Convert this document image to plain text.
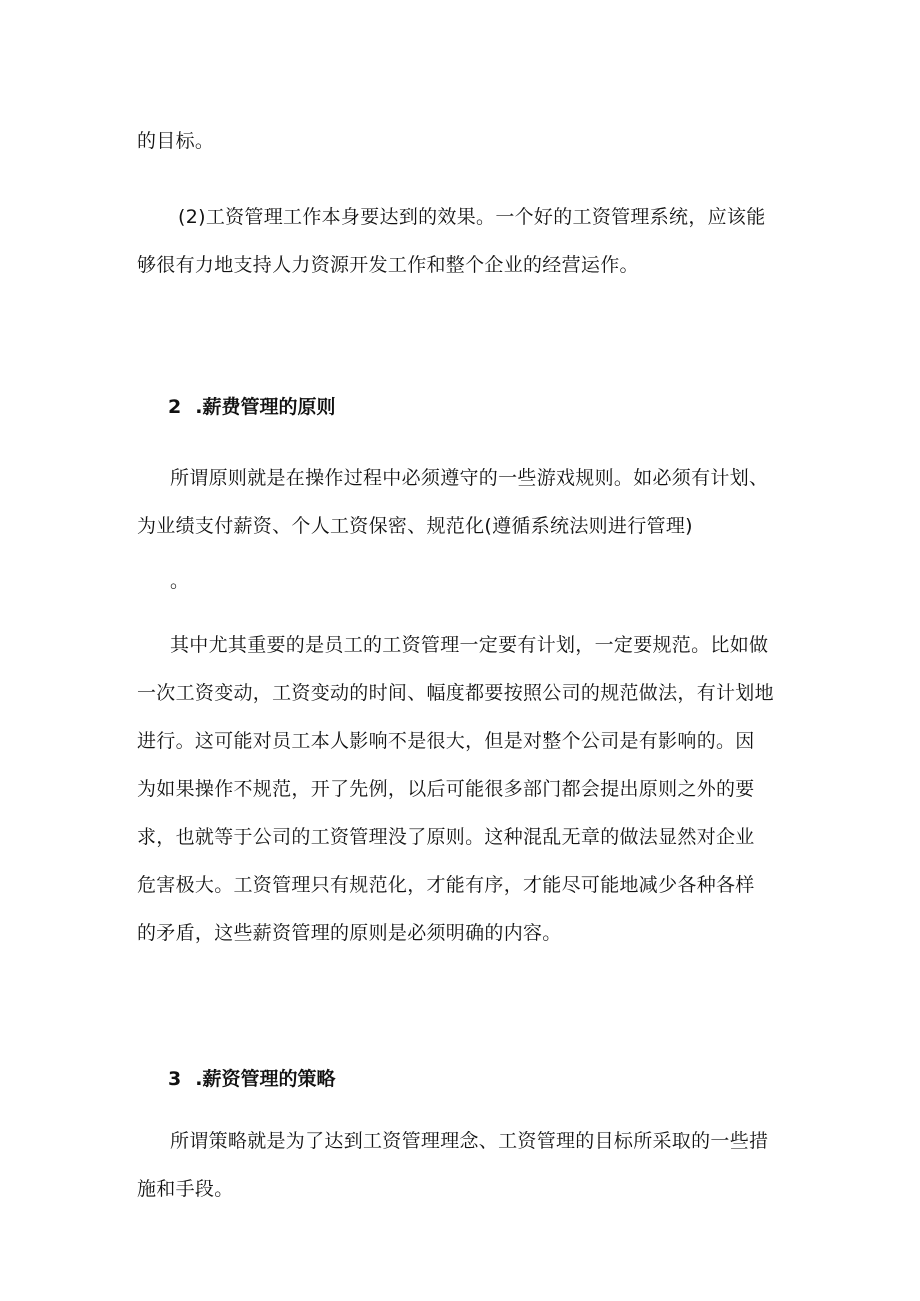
的目标。
(2)工资管理工作本身要达到的效果。一个好的工资管理系统，应该能
够很有力地支持人力资源开发工作和整个企业的经营运作。
2 .薪费管理的原则
所谓原则就是在操作过程中必须遵守的一些游戏规则。如必须有计划、
为业绩支付薪资、个人工资保密、规范化(遵循系统法则进行管理)
。
其中尤其重要的是员工的工资管理一定要有计划，一定要规范。比如做
一次工资变动，工资变动的时间、幅度都要按照公司的规范做法，有计划地
进行。这可能对员工本人影响不是很大，但是对整个公司是有影响的。因
为如果操作不规范，开了先例，以后可能很多部门都会提出原则之外的要
求，也就等于公司的工资管理没了原则。这种混乱无章的做法显然对企业
危害极大。工资管理只有规范化，才能有序，才能尽可能地减少各种各样
的矛盾，这些薪资管理的原则是必须明确的内容。
3 .薪资管理的策略
所谓策略就是为了达到工资管理理念、工资管理的目标所采取的一些措
施和手段。
